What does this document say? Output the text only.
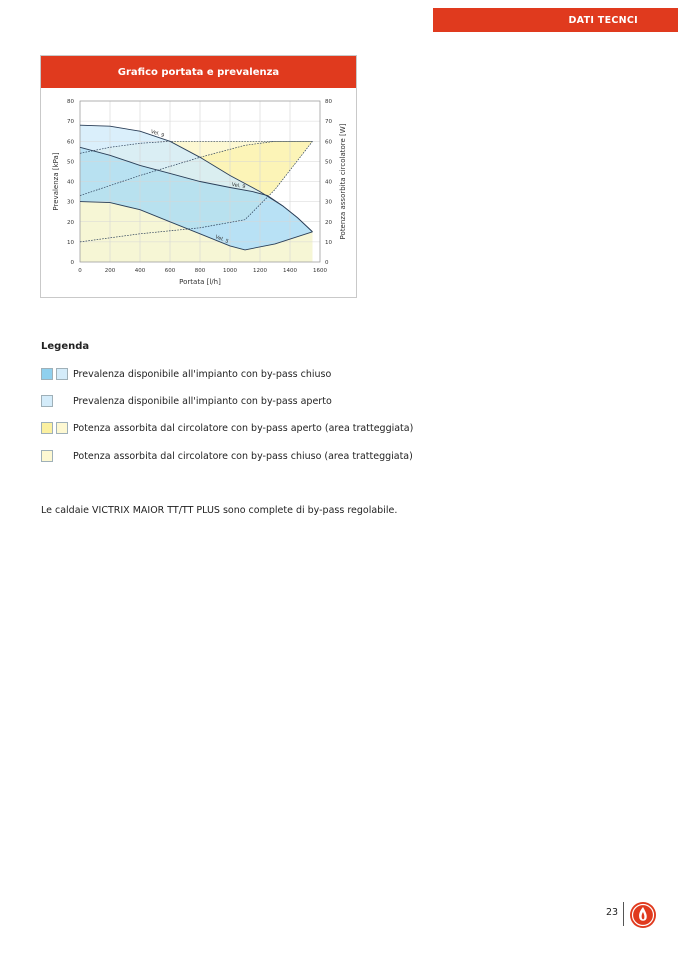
DATI TECNCI
Grafico portata e prevalenza
Vel. 9
Vel. 9
Vel. 5
0	0
10	10
20	20
30	30
40	40
50	50
60	60
70	70
80	80
0	200	400	600	800	1000	1200	1400	1600
Portata [l/h]
Prevalenza [kPa]	Potenza assorbita circolatore [W]
Legenda
Prevalenza disponibile all'impianto con by-pass chiuso
Prevalenza disponibile all'impianto con by-pass aperto
Potenza assorbita dal circolatore con by-pass aperto (area tratteggiata)
Potenza assorbita dal circolatore con by-pass chiuso (area tratteggiata)
Le caldaie VICTRIX MAIOR TT/TT PLUS sono complete di by-pass regolabile.
23
